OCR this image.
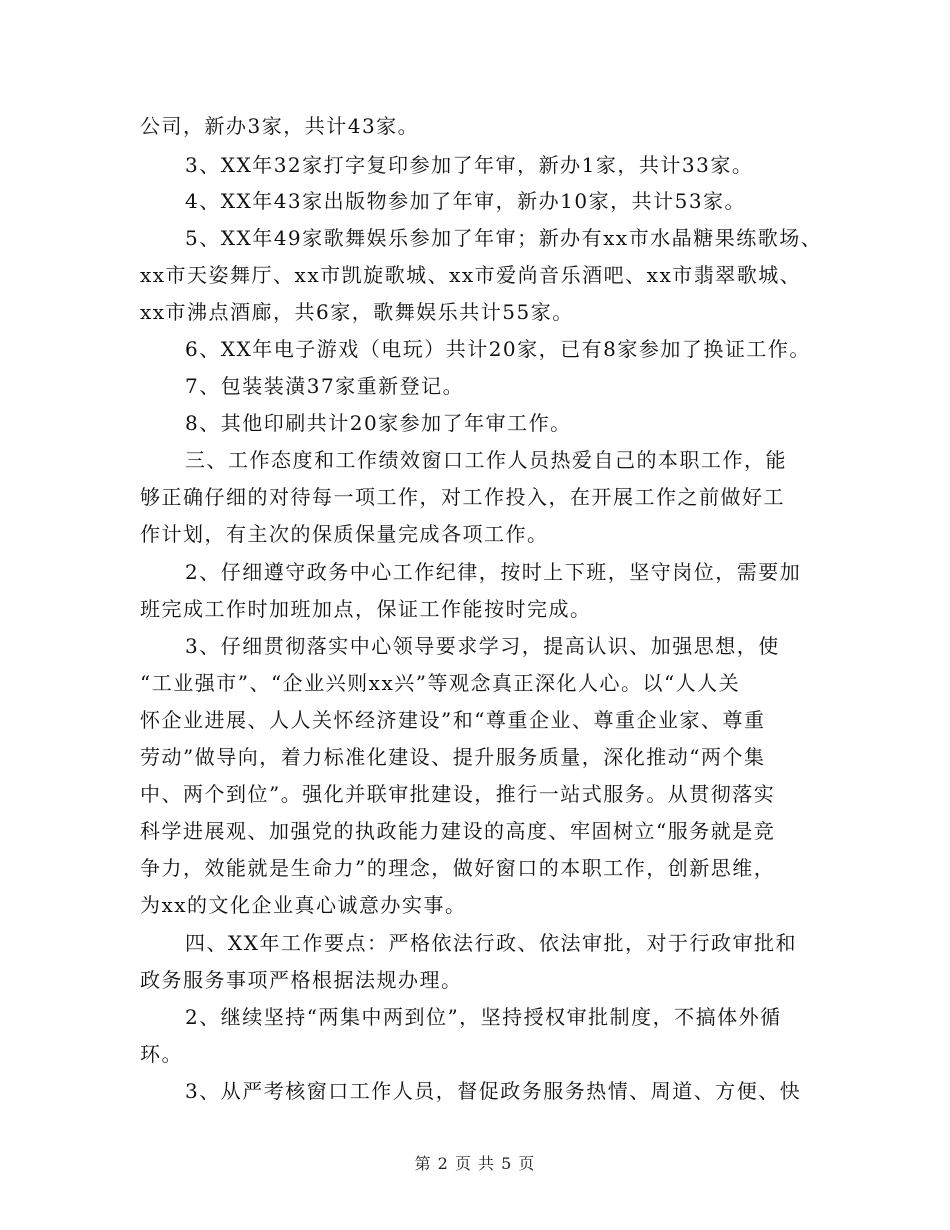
公司，新办3家，共计43家。
3、XX年32家打字复印参加了年审，新办1家，共计33家。
4、XX年43家出版物参加了年审，新办10家，共计53家。
5、XX年49家歌舞娱乐参加了年审；新办有xx市水晶糖果练歌场、
xx市天姿舞厅、xx市凯旋歌城、xx市爱尚音乐酒吧、xx市翡翠歌城、
xx市沸点酒廊，共6家，歌舞娱乐共计55家。
6、XX年电子游戏（电玩）共计20家，已有8家参加了换证工作。
7、包装装潢37家重新登记。
8、其他印刷共计20家参加了年审工作。
三、工作态度和工作绩效窗口工作人员热爱自己的本职工作，能
够正确仔细的对待每一项工作，对工作投入，在开展工作之前做好工
作计划，有主次的保质保量完成各项工作。
2、仔细遵守政务中心工作纪律，按时上下班，坚守岗位，需要加
班完成工作时加班加点，保证工作能按时完成。
3、仔细贯彻落实中心领导要求学习，提高认识、加强思想，使
“工业强市”、“企业兴则xx兴”等观念真正深化人心。以“人人关
怀企业进展、人人关怀经济建设”和“尊重企业、尊重企业家、尊重
劳动”做导向，着力标准化建设、提升服务质量，深化推动“两个集
中、两个到位”。强化并联审批建设，推行一站式服务。从贯彻落实
科学进展观、加强党的执政能力建设的高度、牢固树立“服务就是竞
争力，效能就是生命力”的理念，做好窗口的本职工作，创新思维，
为xx的文化企业真心诚意办实事。
四、XX年工作要点：严格依法行政、依法审批，对于行政审批和
政务服务事项严格根据法规办理。
2、继续坚持“两集中两到位”，坚持授权审批制度，不搞体外循
环。
3、从严考核窗口工作人员，督促政务服务热情、周道、方便、快
第 2 页 共 5 页
